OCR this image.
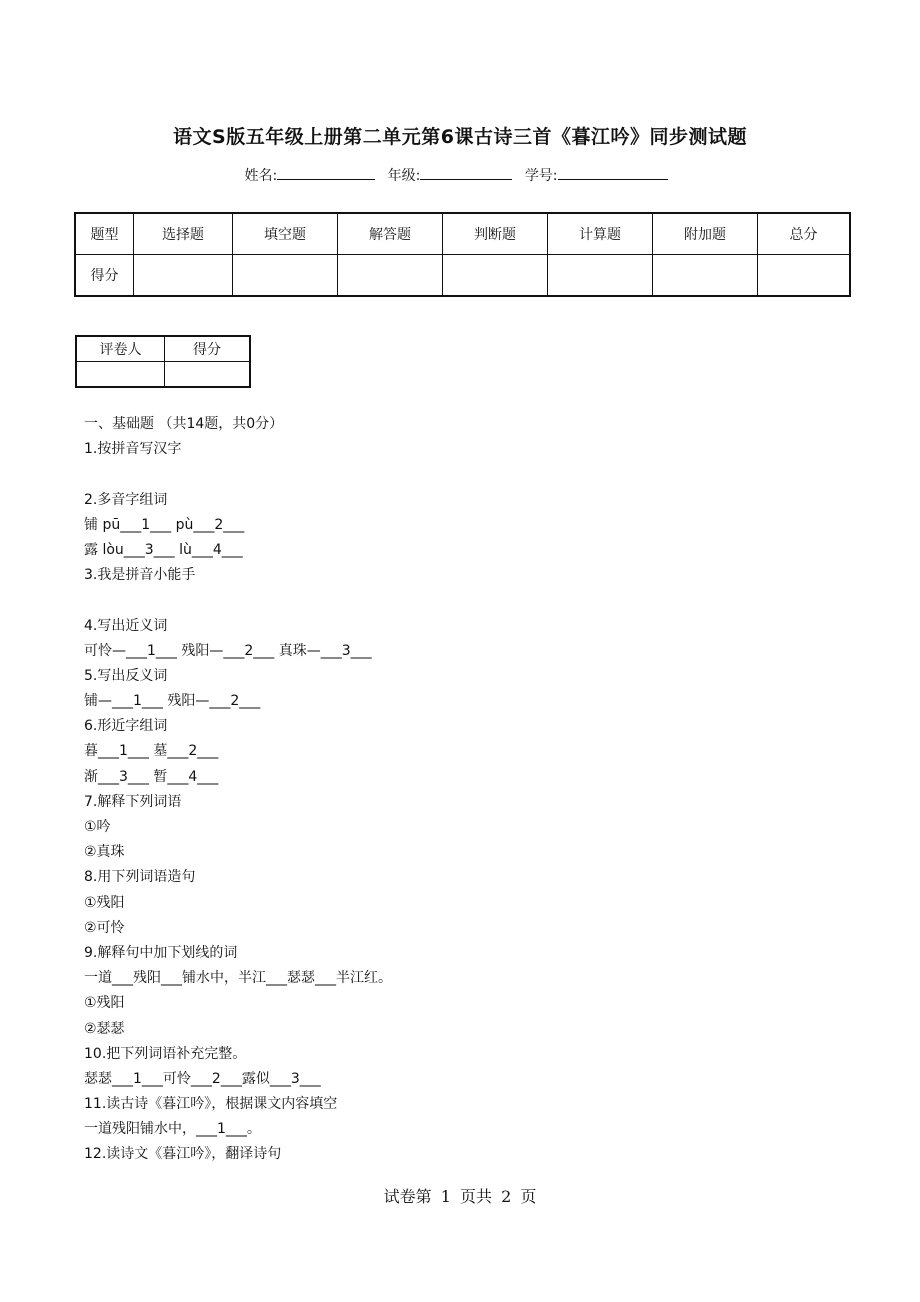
语文S版五年级上册第二单元第6课古诗三首《暮江吟》同步测试题
姓名:	年级:	学号:
题型	选择题	填空题	解答题	判断题	计算题	附加题	总分
得分							
评卷人	得分

一、基础题 （共14题，共0分）
1.按拼音写汉字
2.多音字组词
铺 pū___1___ pù___2___
露 lòu___3___ lù___4___
3.我是拼音小能手
4.写出近义词
可怜—___1___ 残阳—___2___ 真珠—___3___
5.写出反义词
铺—___1___ 残阳—___2___
6.形近字组词
暮___1___ 墓___2___
渐___3___ 暂___4___
7.解释下列词语
①吟
②真珠
8.用下列词语造句
①残阳
②可怜
9.解释句中加下划线的词
一道___残阳___铺水中，半江___瑟瑟___半江红。
①残阳
②瑟瑟
10.把下列词语补充完整。
瑟瑟___1___可怜___2___露似___3___
11.读古诗《暮江吟》，根据课文内容填空
一道残阳铺水中，___1___。
12.读诗文《暮江吟》，翻译诗句
试卷第 1 页共 2 页
